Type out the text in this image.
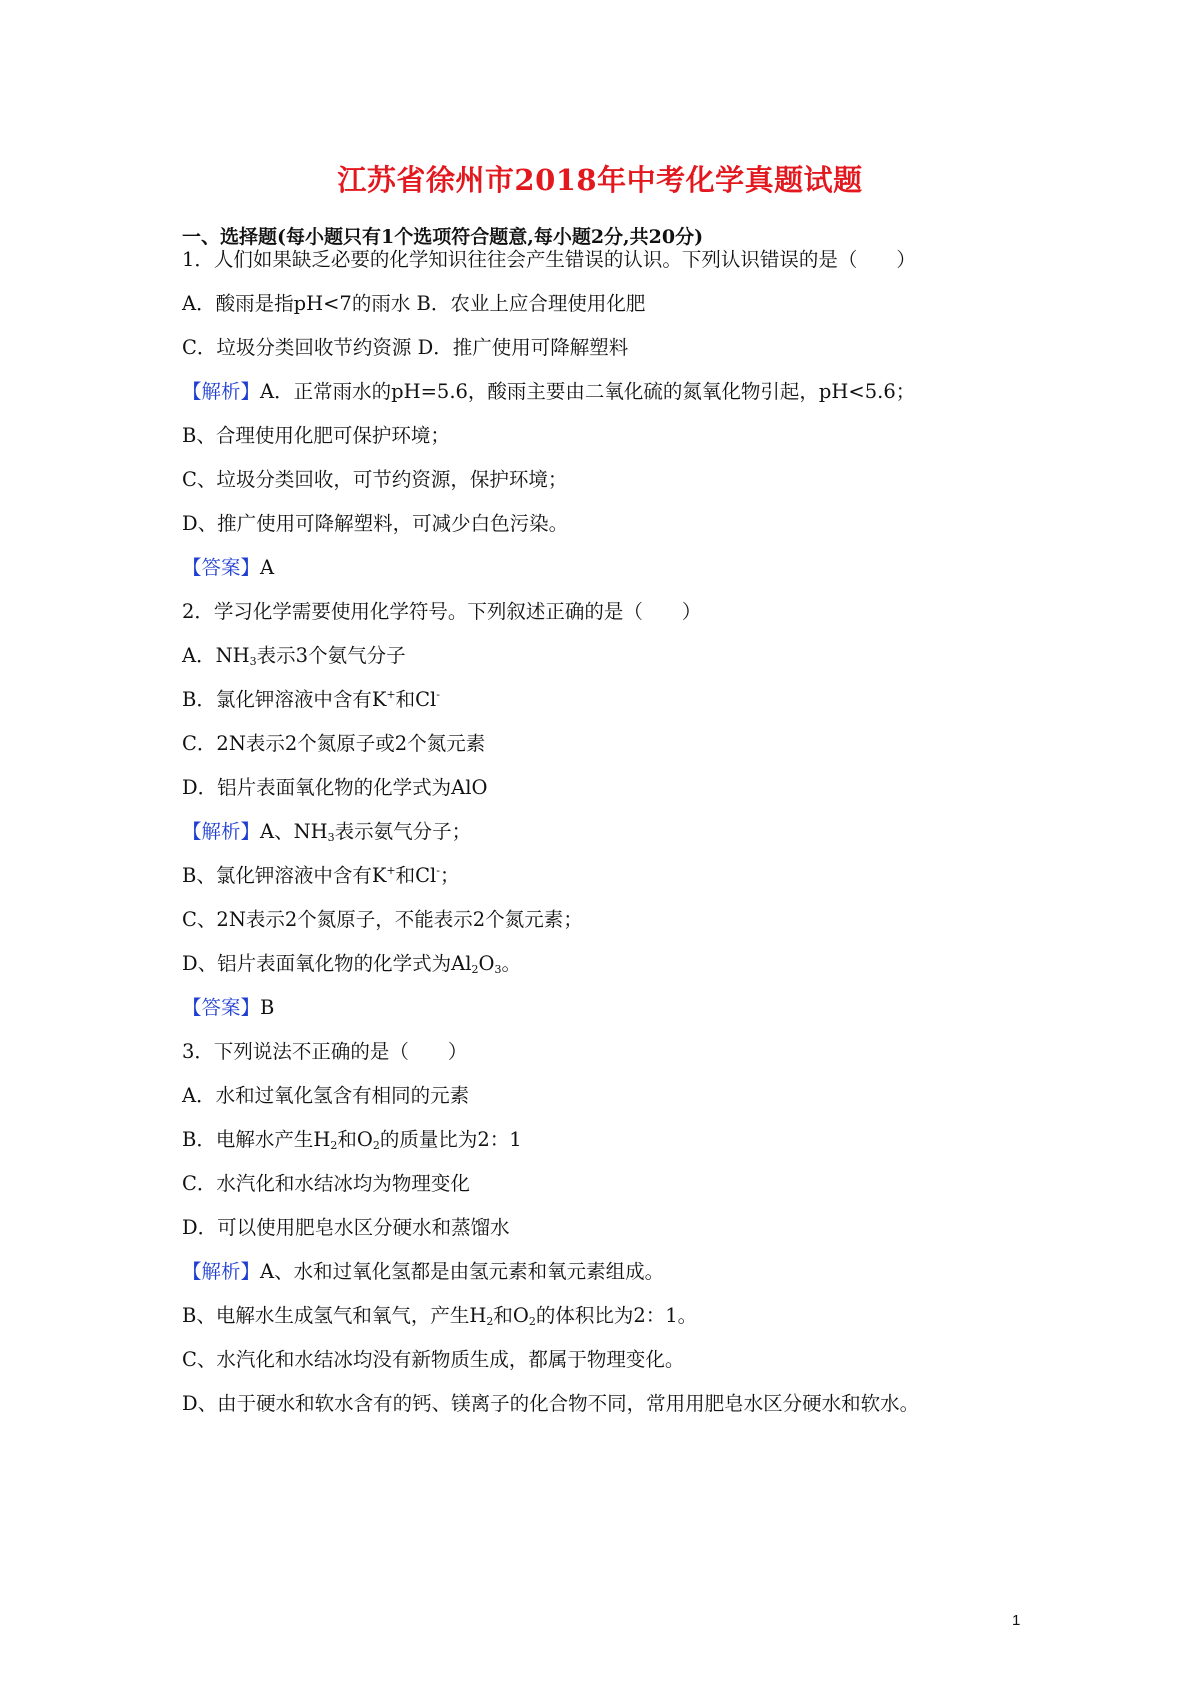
江苏省徐州市2018年中考化学真题试题
一、选择题(每小题只有1个选项符合题意,每小题2分,共20分)
1．人们如果缺乏必要的化学知识往往会产生错误的认识。下列认识错误的是（　　）
A．酸雨是指pH<7的雨水 B．农业上应合理使用化肥
C．垃圾分类回收节约资源 D．推广使用可降解塑料
【解析】A．正常雨水的pH=5.6，酸雨主要由二氧化硫的氮氧化物引起，pH<5.6；
B、合理使用化肥可保护环境；
C、垃圾分类回收，可节约资源，保护环境；
D、推广使用可降解塑料，可减少白色污染。
【答案】A
2．学习化学需要使用化学符号。下列叙述正确的是（　　）
A．$NH_3$表示3个氨气分子
B．氯化钾溶液中含有K+和Cl-
C．2N表示2个氮原子或2个氮元素
D．铝片表面氧化物的化学式为AlO
【解析】A、$NH_3$表示氨气分子；
B、氯化钾溶液中含有K+和Cl-；
C、2N表示2个氮原子，不能表示2个氮元素；
D、铝片表面氧化物的化学式为$Al_2O_3$。
【答案】B
3．下列说法不正确的是（　　）
A．水和过氧化氢含有相同的元素
B．电解水产生$H_2$和$O_2$的质量比为2：1
C．水汽化和水结冰均为物理变化
D．可以使用肥皂水区分硬水和蒸馏水
【解析】A、水和过氧化氢都是由氢元素和氧元素组成。
B、电解水生成氢气和氧气，产生$H_2$和$O_2$的体积比为2：1。
C、水汽化和水结冰均没有新物质生成，都属于物理变化。
D、由于硬水和软水含有的钙、镁离子的化合物不同，常用用肥皂水区分硬水和软水。
1
